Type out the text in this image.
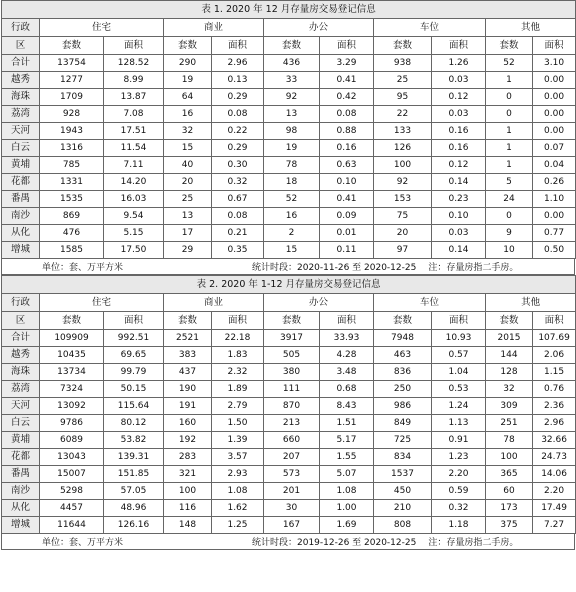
表 1. 2020 年 12 月存量房交易登记信息										
行政	住宅		商业		办公		车位		其他	
区	套数	面积	套数	面积	套数	面积	套数	面积	套数	面积
合计	13754	128.52	290	2.96	436	3.29	938	1.26	52	3.10
越秀	1277	8.99	19	0.13	33	0.41	25	0.03	1	0.00
海珠	1709	13.87	64	0.29	92	0.42	95	0.12	0	0.00
荔湾	928	7.08	16	0.08	13	0.08	22	0.03	0	0.00
天河	1943	17.51	32	0.22	98	0.88	133	0.16	1	0.00
白云	1316	11.54	15	0.29	19	0.16	126	0.16	1	0.07
黄埔	785	7.11	40	0.30	78	0.63	100	0.12	1	0.04
花都	1331	14.20	20	0.32	18	0.10	92	0.14	5	0.26
番禺	1535	16.03	25	0.67	52	0.41	153	0.23	24	1.10
南沙	869	9.54	13	0.08	16	0.09	75	0.10	0	0.00
从化	476	5.15	17	0.21	2	0.01	20	0.03	9	0.77
增城	1585	17.50	29	0.35	15	0.11	97	0.14	10	0.50
单位：套、万平方米	统计时段：2020-11-26 至 2020-12-25	注：存量房指二手房。
表 2. 2020 年 1-12 月存量房交易登记信息										
行政	住宅		商业		办公		车位		其他	
区	套数	面积	套数	面积	套数	面积	套数	面积	套数	面积
合计	109909	992.51	2521	22.18	3917	33.93	7948	10.93	2015	107.69
越秀	10435	69.65	383	1.83	505	4.28	463	0.57	144	2.06
海珠	13734	99.79	437	2.32	380	3.48	836	1.04	128	1.15
荔湾	7324	50.15	190	1.89	111	0.68	250	0.53	32	0.76
天河	13092	115.64	191	2.79	870	8.43	986	1.24	309	2.36
白云	9786	80.12	160	1.50	213	1.51	849	1.13	251	2.96
黄埔	6089	53.82	192	1.39	660	5.17	725	0.91	78	32.66
花都	13043	139.31	283	3.57	207	1.55	834	1.23	100	24.73
番禺	15007	151.85	321	2.93	573	5.07	1537	2.20	365	14.06
南沙	5298	57.05	100	1.08	201	1.08	450	0.59	60	2.20
从化	4457	48.96	116	1.62	30	1.00	210	0.32	173	17.49
增城	11644	126.16	148	1.25	167	1.69	808	1.18	375	7.27
单位：套、万平方米	统计时段：2019-12-26 至 2020-12-25	注：存量房指二手房。
